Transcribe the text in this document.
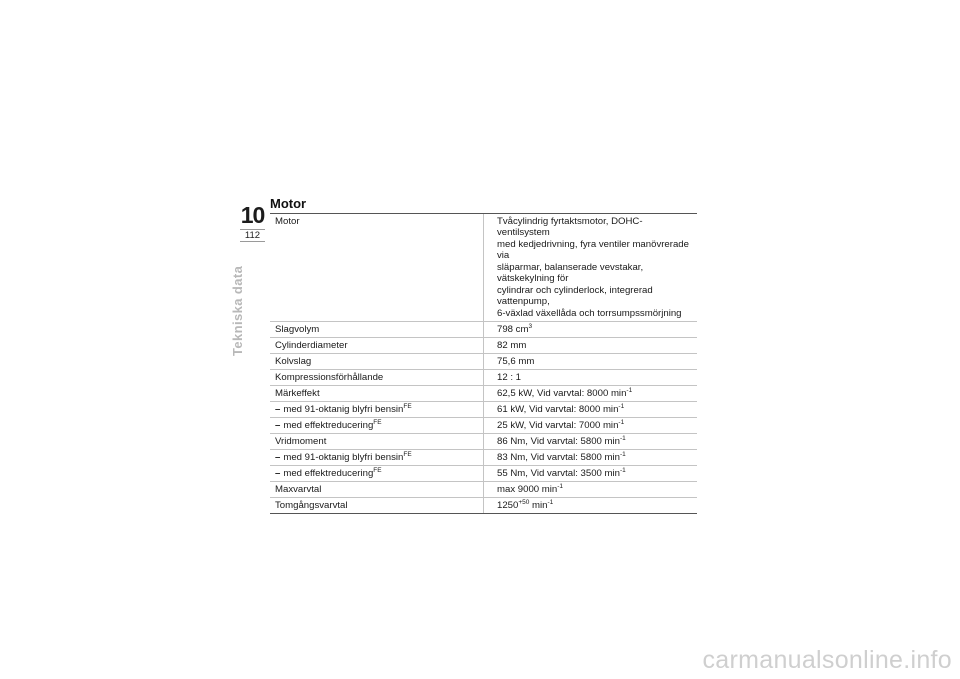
10
112
Tekniska data
Motor
Motor	Tvåcylindrig fyrtaktsmotor, DOHC-ventilsystem
med kedjedrivning, fyra ventiler manövrerade via
släparmar, balanserade vevstakar, vätskekylning för
cylindrar och cylinderlock, integrerad vattenpump,
6-växlad växellåda och torrsumpssmörjning

Slagvolym	798 $cm^3$
Cylinderdiameter	82 mm
Kolvslag	75,6 mm
Kompressionsförhållande	12 : 1
Märkeffekt	62,5 kW, Vid varvtal: 8000 $\min^{-1}$
– med 91-oktanig blyfri bensin$^{FE}$	61 kW, Vid varvtal: 8000 $\min^{-1}$
– med effektreducering$^{FE}$	25 kW, Vid varvtal: 7000 $\min^{-1}$
Vridmoment	86 Nm, Vid varvtal: 5800 $\min^{-1}$
– med 91-oktanig blyfri bensin$^{FE}$	83 Nm, Vid varvtal: 5800 $\min^{-1}$
– med effektreducering$^{FE}$	55 Nm, Vid varvtal: 3500 $\min^{-1}$
Maxvarvtal	max 9000 $\min^{-1}$
Tomgångsvarvtal	$1250^{+50}$ $\min^{-1}$
carmanualsonline.info
